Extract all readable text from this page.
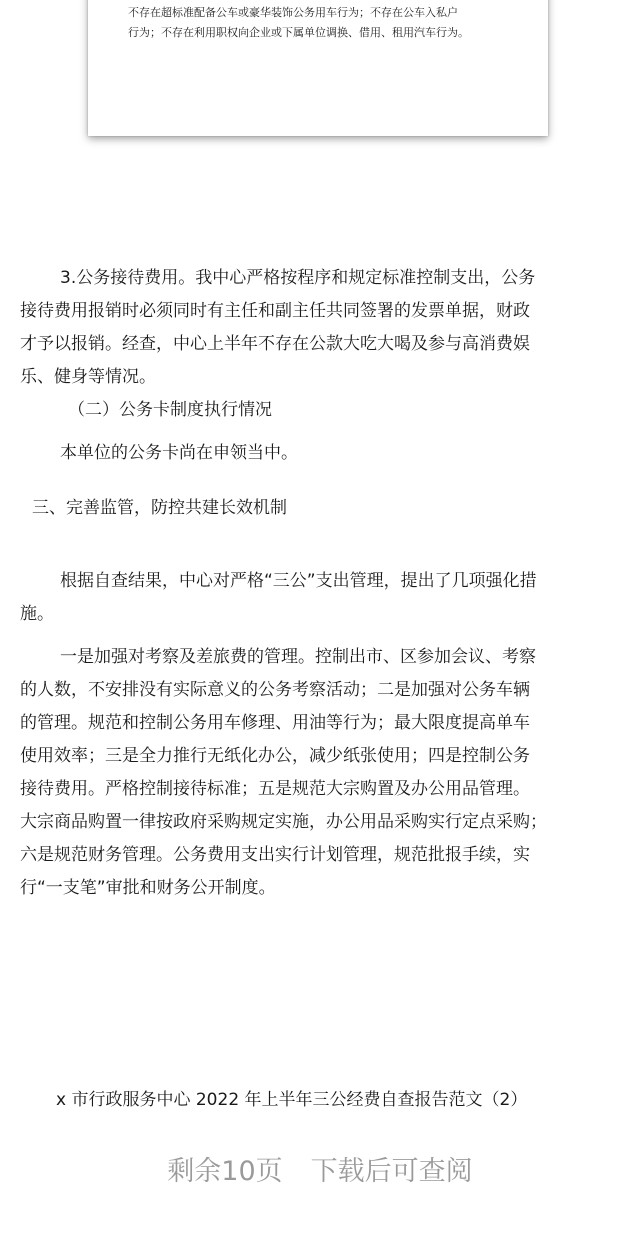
不存在超标准配备公车或豪华装饰公务用车行为；不存在公车入私户
行为；不存在利用职权向企业或下属单位调换、借用、租用汽车行为。

3.公务接待费用。我中心严格按程序和规定标准控制支出，公务
接待费用报销时必须同时有主任和副主任共同签署的发票单据，财政
才予以报销。经查，中心上半年不存在公款大吃大喝及参与高消费娱
乐、健身等情况。

（二）公务卡制度执行情况

本单位的公务卡尚在申领当中。

三、完善监管，防控共建长效机制

根据自查结果，中心对严格“三公”支出管理，提出了几项强化措
施。

一是加强对考察及差旅费的管理。控制出市、区参加会议、考察
的人数，不安排没有实际意义的公务考察活动；二是加强对公务车辆
的管理。规范和控制公务用车修理、用油等行为；最大限度提高单车
使用效率；三是全力推行无纸化办公，减少纸张使用；四是控制公务
接待费用。严格控制接待标准；五是规范大宗购置及办公用品管理。
大宗商品购置一律按政府采购规定实施，办公用品采购实行定点采购；
六是规范财务管理。公务费用支出实行计划管理，规范批报手续，实
行“一支笔”审批和财务公开制度。

x 市行政服务中心 2022 年上半年三公经费自查报告范文（2）
剩余10页 下载后可查阅
